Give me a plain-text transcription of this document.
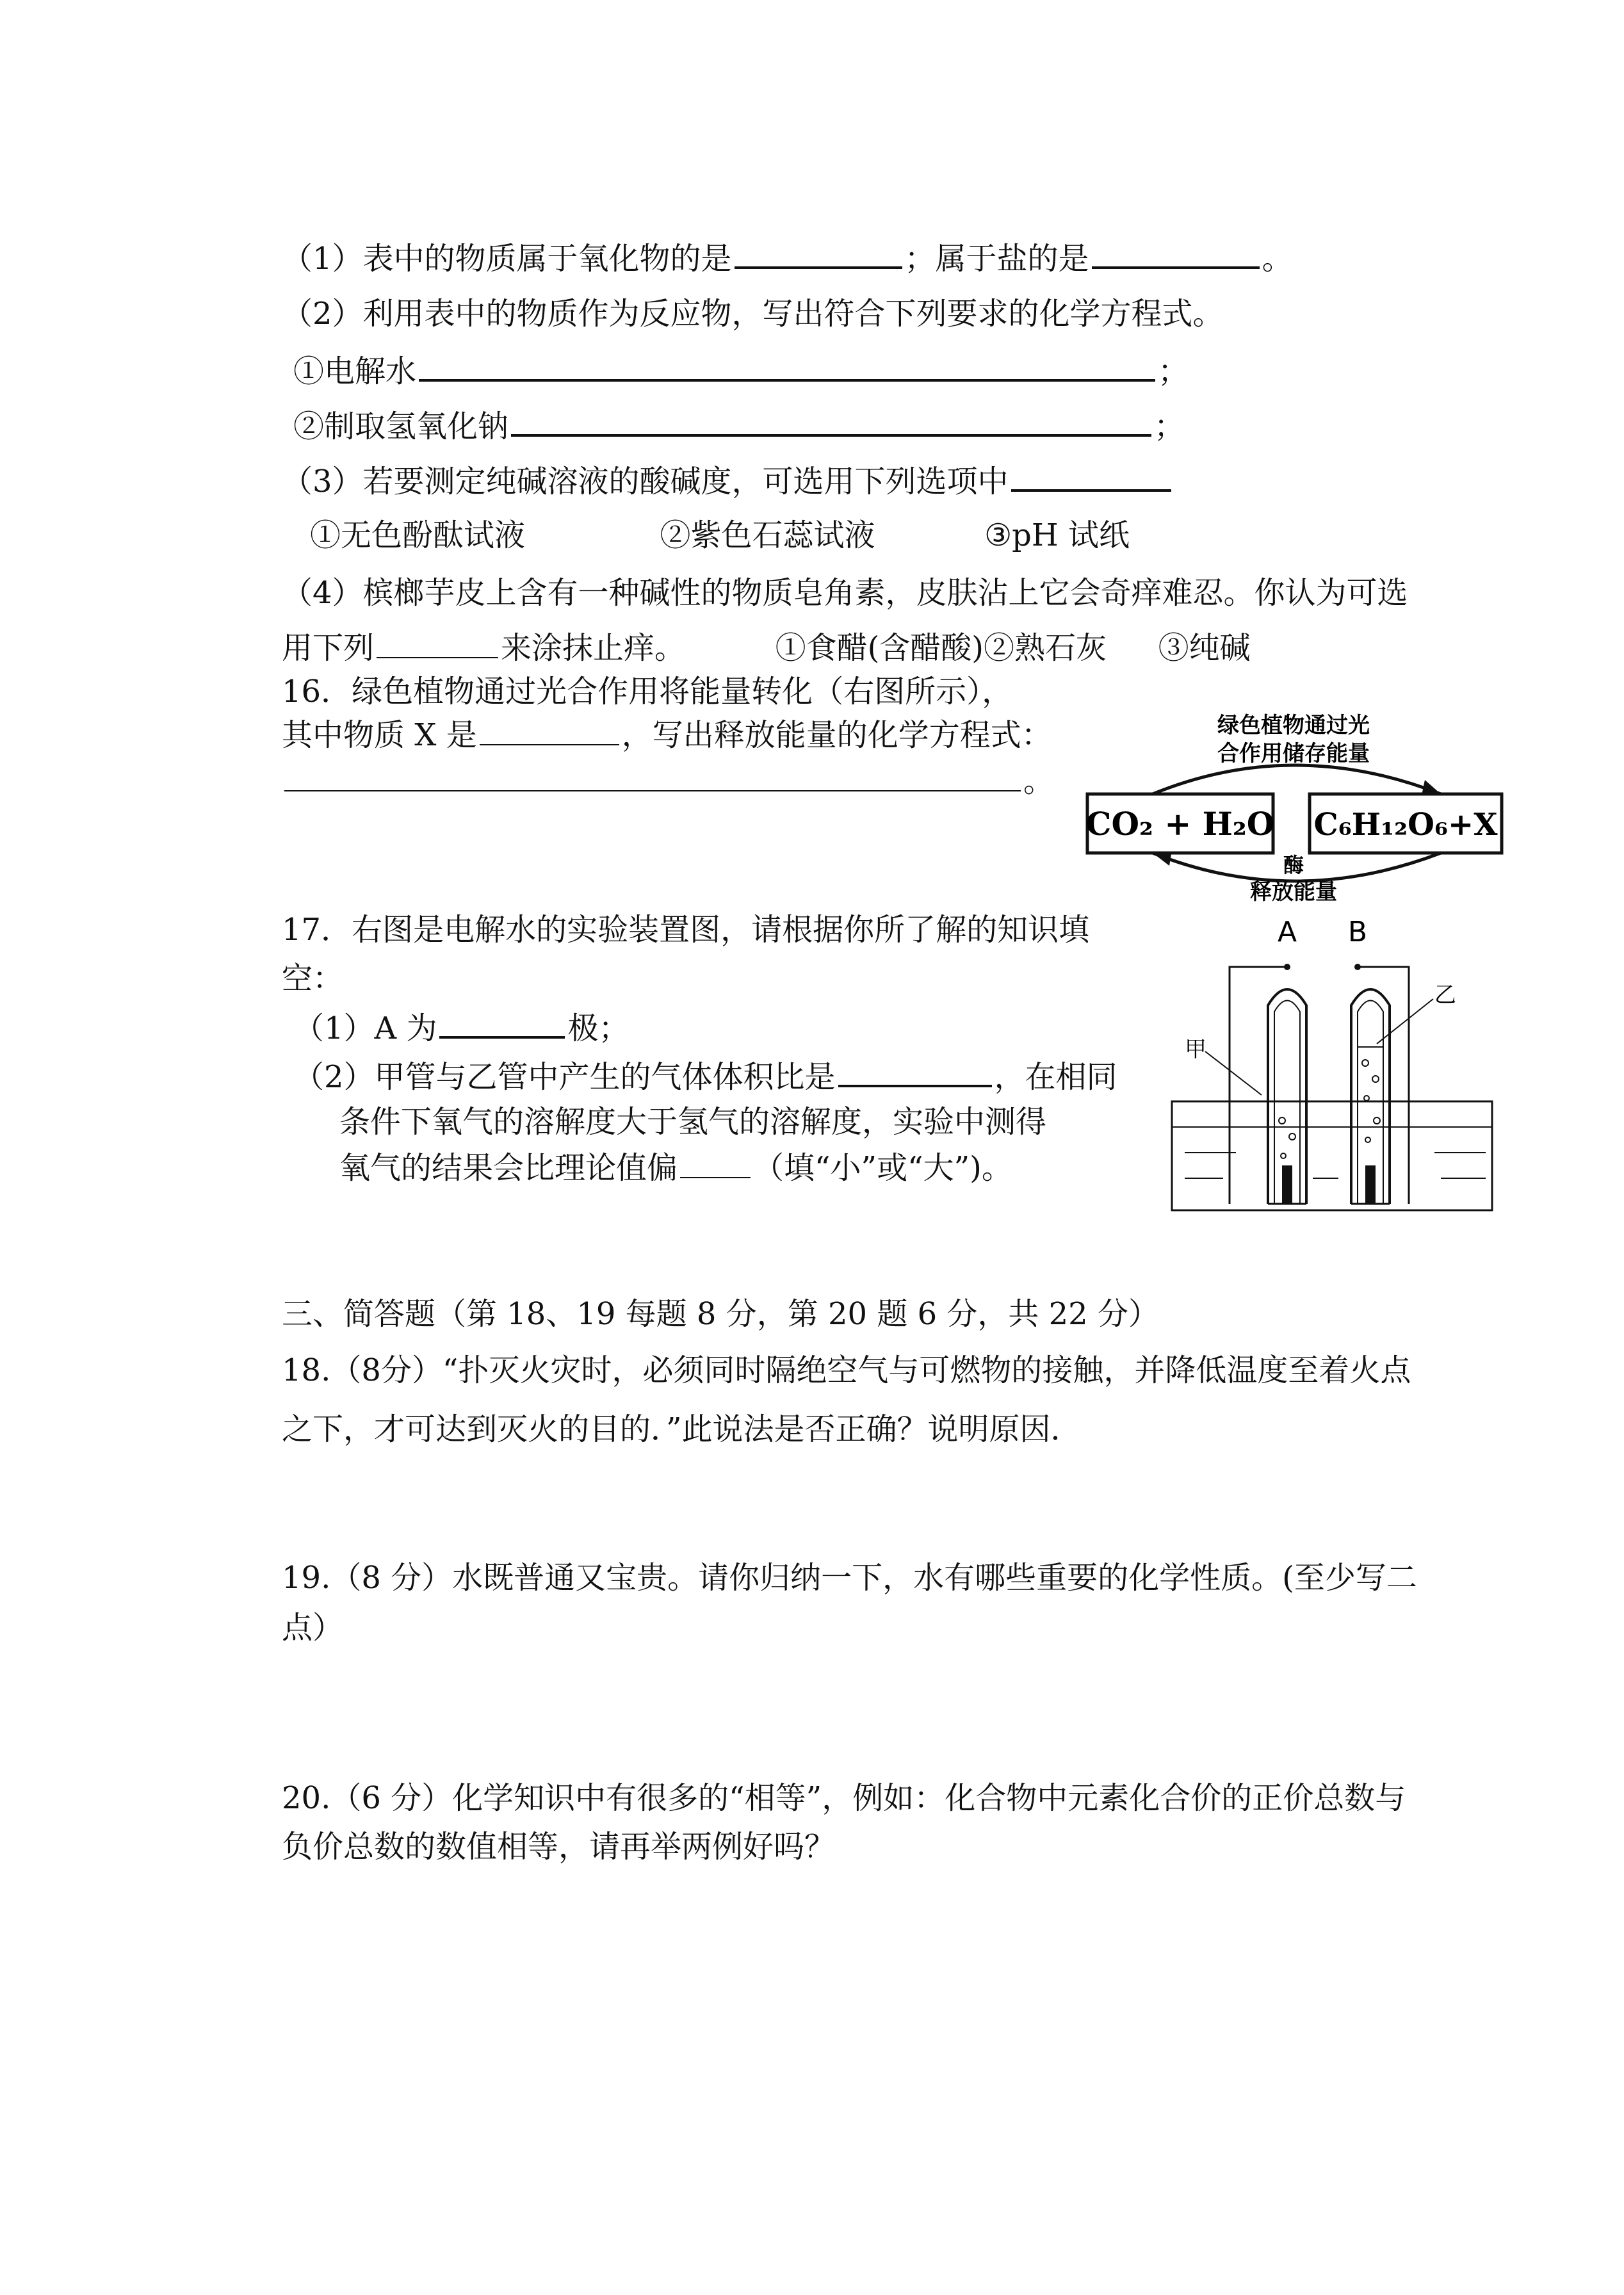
（1）表中的物质属于氧化物的是	；属于盐的是	。
（2）利用表中的物质作为反应物，写出符合下列要求的化学方程式。
①电解水	；
②制取氢氧化钠	；
（3）若要测定纯碱溶液的酸碱度，可选用下列选项中
①无色酚酞试液	②紫色石蕊试液	③pH 试纸
（4）槟榔芋皮上含有一种碱性的物质皂角素，皮肤沾上它会奇痒难忍。你认为可选
用下列	来涂抹止痒。	①食醋(含醋酸)②熟石灰 ③纯碱
16．绿色植物通过光合作用将能量转化（右图所示），
其中物质 X 是	，写出释放能量的化学方程式：
。
CO₂ + H₂O C₆H₁₂O₆+X
绿色植物通过光
合作用储存能量
酶
释放能量
17．右图是电解水的实验装置图，请根据你所了解的知识填
空：
（1）A 为	极；
（2）甲管与乙管中产生的气体体积比是	，在相同
条件下氧气的溶解度大于氢气的溶解度，实验中测得
氧气的结果会比理论值偏 （填“小”或“大”)。
A B
甲
乙
三、简答题（第 18、19 每题 8 分，第 20 题 6 分，共 22 分）
18.（8分）“扑灭火灾时，必须同时隔绝空气与可燃物的接触，并降低温度至着火点
之下，才可达到灭火的目的．”此说法是否正确？说明原因．
19.（8 分）水既普通又宝贵。请你归纳一下，水有哪些重要的化学性质。(至少写二
点）
20.（6 分）化学知识中有很多的“相等”，例如：化合物中元素化合价的正价总数与
负价总数的数值相等，请再举两例好吗？
